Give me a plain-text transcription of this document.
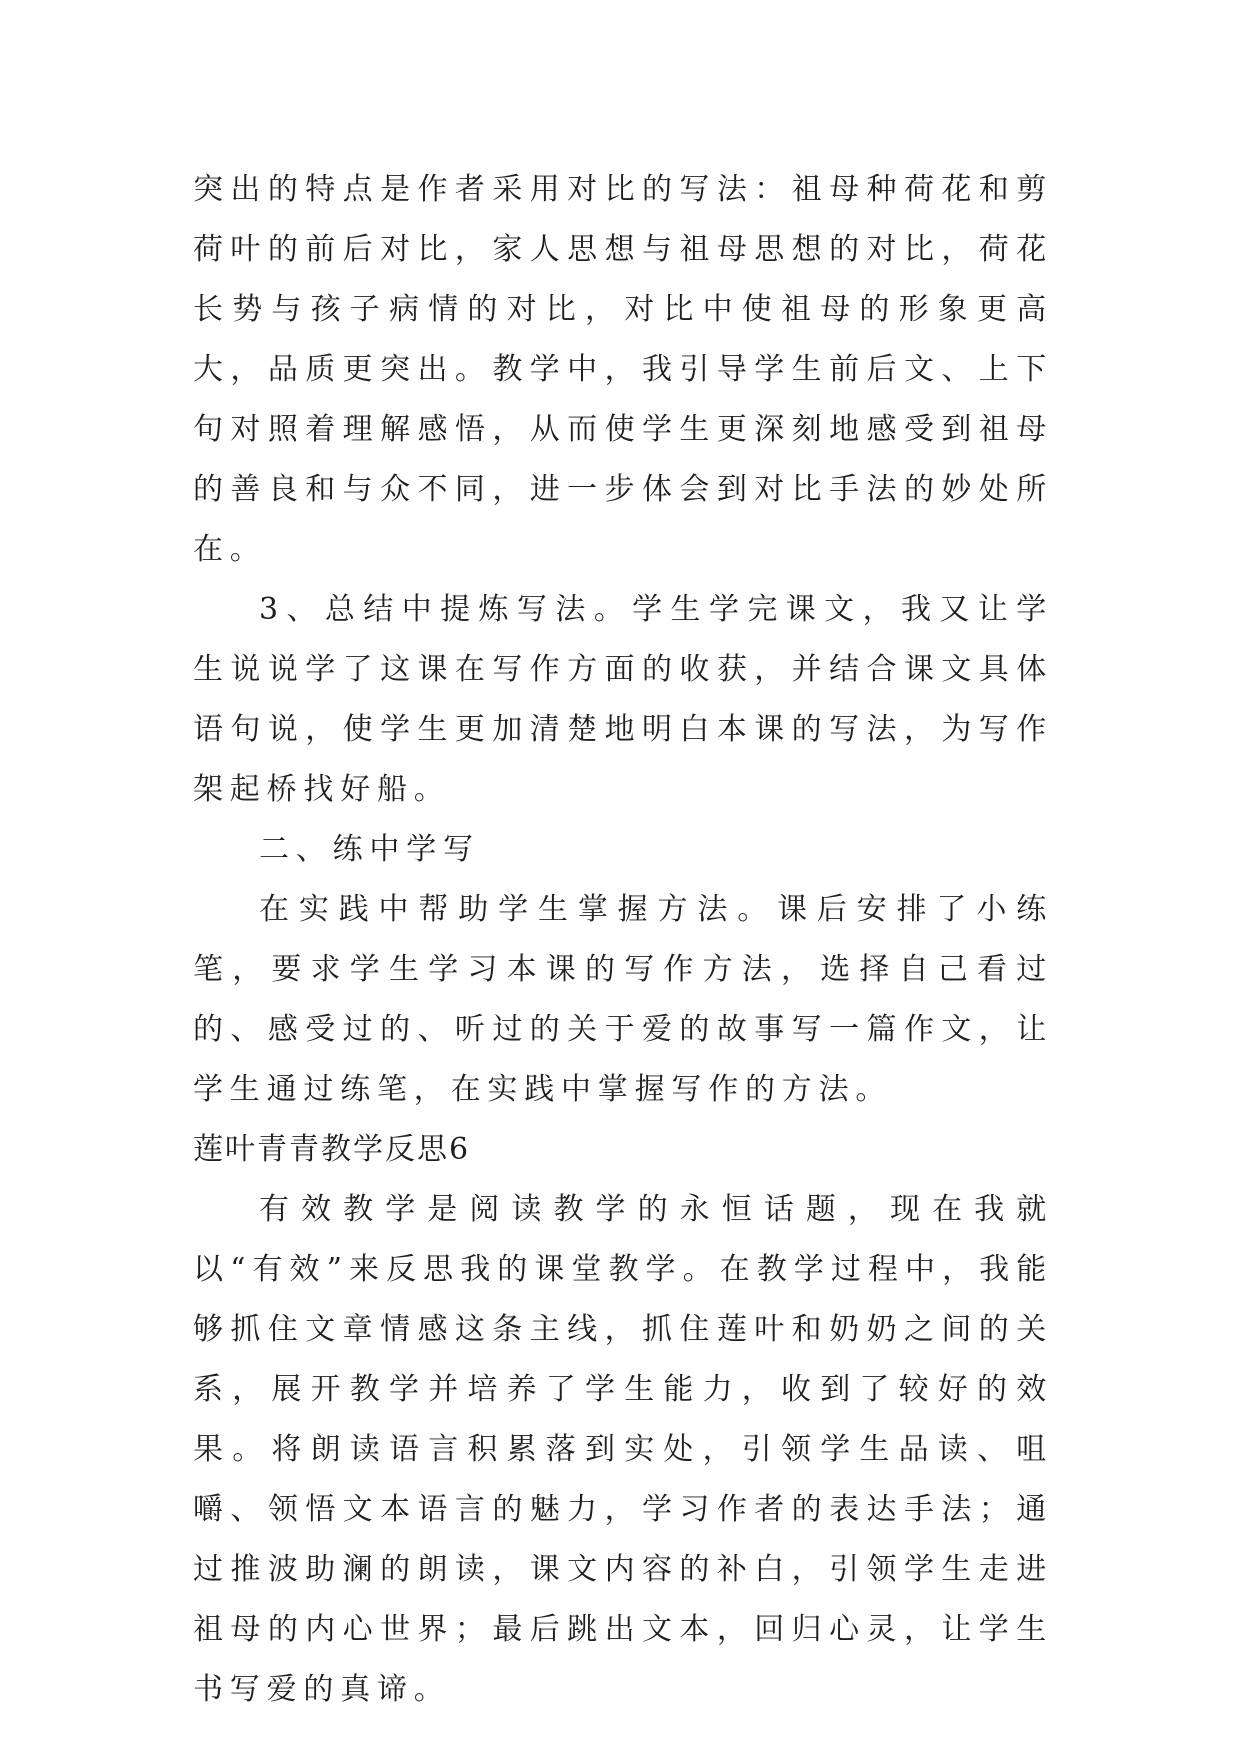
突出的特点是作者采用对比的写法：祖母种荷花和剪荷叶的前后对比，家人思想与祖母思想的对比，荷花长势与孩子病情的对比，对比中使祖母的形象更高大，品质更突出。教学中，我引导学生前后文、上下句对照着理解感悟，从而使学生更深刻地感受到祖母的善良和与众不同，进一步体会到对比手法的妙处所在。

3、总结中提炼写法。学生学完课文，我又让学生说说学了这课在写作方面的收获，并结合课文具体语句说，使学生更加清楚地明白本课的写法，为写作架起桥找好船。

二、练中学写

在实践中帮助学生掌握方法。课后安排了小练笔，要求学生学习本课的写作方法，选择自己看过的、感受过的、听过的关于爱的故事写一篇作文，让学生通过练笔，在实践中掌握写作的方法。

莲叶青青教学反思6

有效教学是阅读教学的永恒话题，现在我就以“有效”来反思我的课堂教学。在教学过程中，我能够抓住文章情感这条主线，抓住莲叶和奶奶之间的关系，展开教学并培养了学生能力，收到了较好的效果。将朗读语言积累落到实处，引领学生品读、咀嚼、领悟文本语言的魅力，学习作者的表达手法；通过推波助澜的朗读，课文内容的补白，引领学生走进祖母的内心世界；最后跳出文本，回归心灵，让学生书写爱的真谛。
